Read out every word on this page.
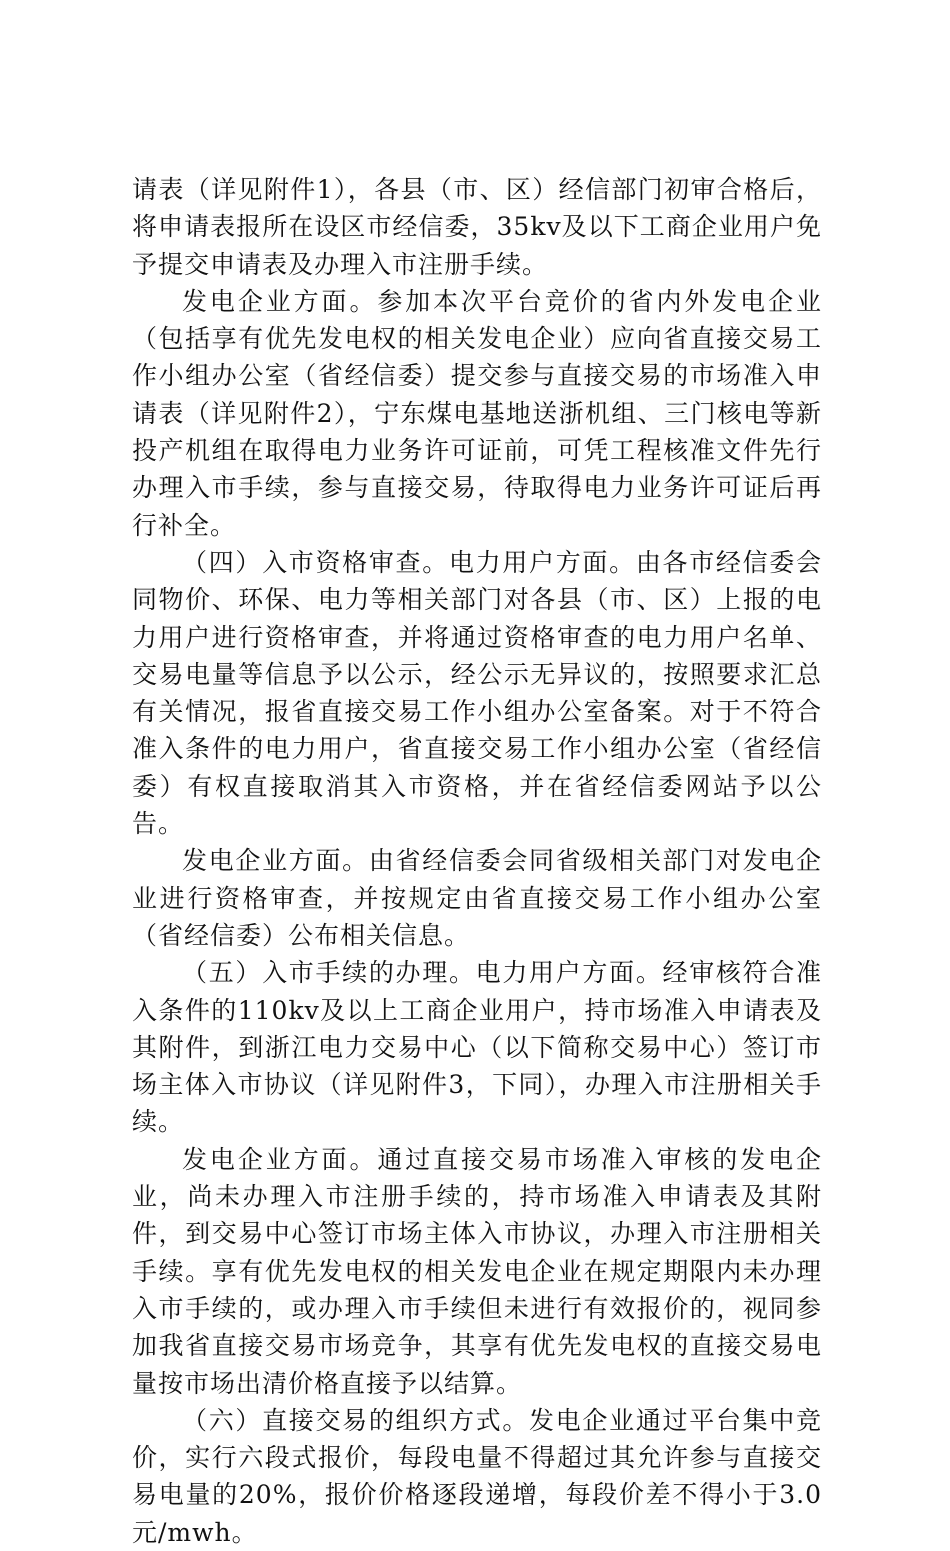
请表（详见附件1），各县（市、区）经信部门初审合格后，将申请表报所在设区市经信委，35kv及以下工商企业用户免予提交申请表及办理入市注册手续。

发电企业方面。参加本次平台竞价的省内外发电企业（包括享有优先发电权的相关发电企业）应向省直接交易工作小组办公室（省经信委）提交参与直接交易的市场准入申请表（详见附件2），宁东煤电基地送浙机组、三门核电等新投产机组在取得电力业务许可证前，可凭工程核准文件先行办理入市手续，参与直接交易，待取得电力业务许可证后再行补全。

（四）入市资格审查。电力用户方面。由各市经信委会同物价、环保、电力等相关部门对各县（市、区）上报的电力用户进行资格审查，并将通过资格审查的电力用户名单、交易电量等信息予以公示，经公示无异议的，按照要求汇总有关情况，报省直接交易工作小组办公室备案。对于不符合准入条件的电力用户，省直接交易工作小组办公室（省经信委）有权直接取消其入市资格，并在省经信委网站予以公告。

发电企业方面。由省经信委会同省级相关部门对发电企业进行资格审查，并按规定由省直接交易工作小组办公室（省经信委）公布相关信息。

（五）入市手续的办理。电力用户方面。经审核符合准入条件的110kv及以上工商企业用户，持市场准入申请表及其附件，到浙江电力交易中心（以下简称交易中心）签订市场主体入市协议（详见附件3，下同），办理入市注册相关手续。

发电企业方面。通过直接交易市场准入审核的发电企业，尚未办理入市注册手续的，持市场准入申请表及其附件，到交易中心签订市场主体入市协议，办理入市注册相关手续。享有优先发电权的相关发电企业在规定期限内未办理入市手续的，或办理入市手续但未进行有效报价的，视同参加我省直接交易市场竞争，其享有优先发电权的直接交易电量按市场出清价格直接予以结算。

（六）直接交易的组织方式。发电企业通过平台集中竞价，实行六段式报价，每段电量不得超过其允许参与直接交易电量的20%，报价价格逐段递增，每段价差不得小于3.0元/mwh。
